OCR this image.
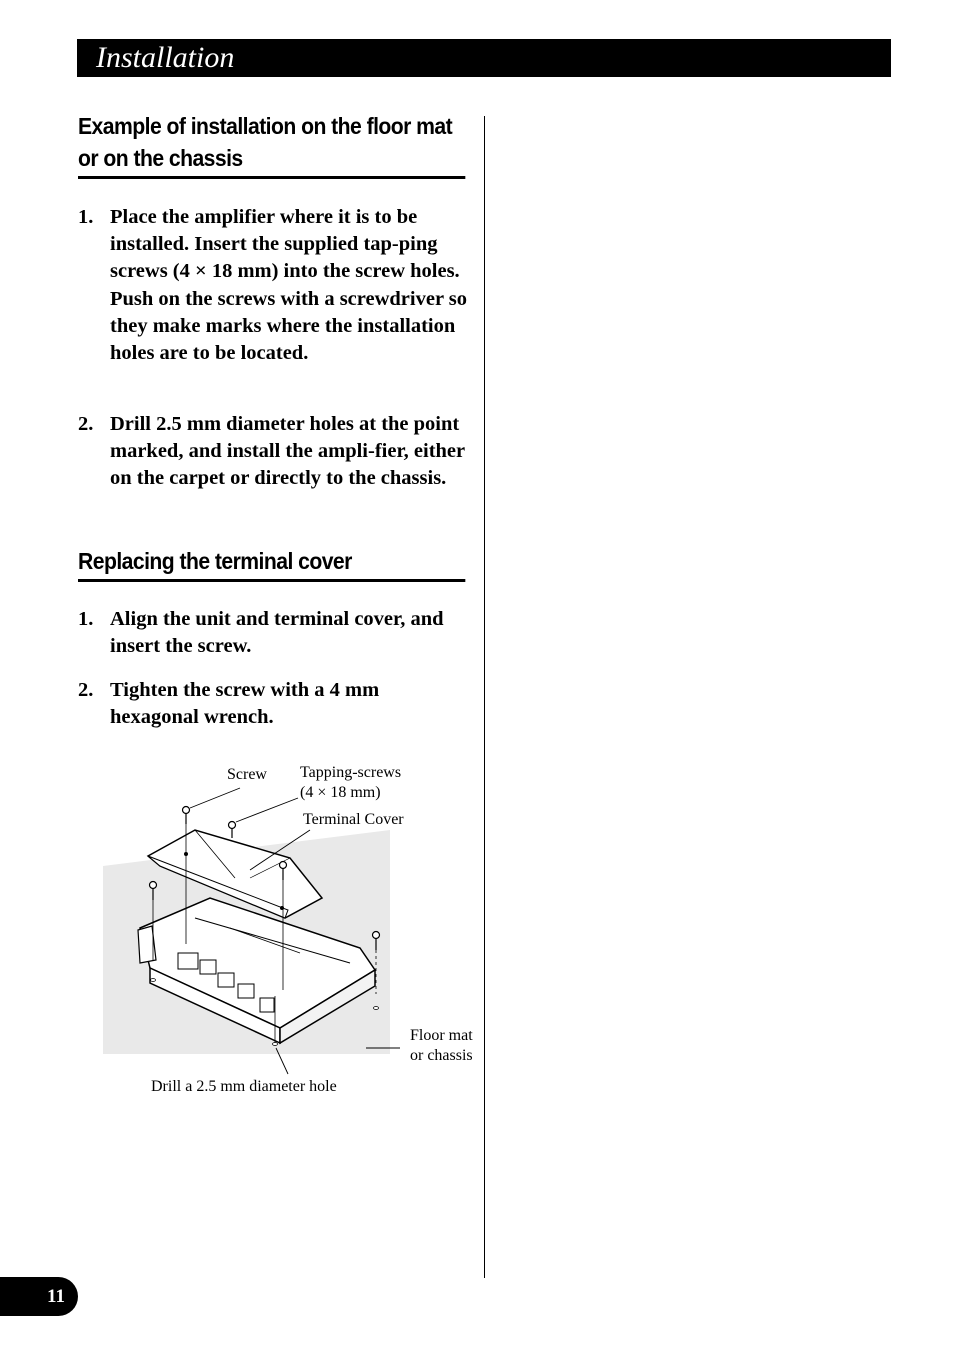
Installation
Example of installation on the floor mat or on the chassis
1. Place the amplifier where it is to be installed. Insert the supplied tap-ping screws (4 × 18 mm) into the screw holes. Push on the screws with a screwdriver so they make marks where the installation holes are to be located.
2. Drill 2.5 mm diameter holes at the point marked, and install the ampli-fier, either on the carpet or directly to the chassis.
Replacing the terminal cover
1. Align the unit and terminal cover, and insert the screw.
2. Tighten the screw with a 4 mm hexagonal wrench.
Screw Tapping-screws
(4 × 18 mm)
Terminal Cover
Floor mat
or chassis
Drill a 2.5 mm diameter hole
11
